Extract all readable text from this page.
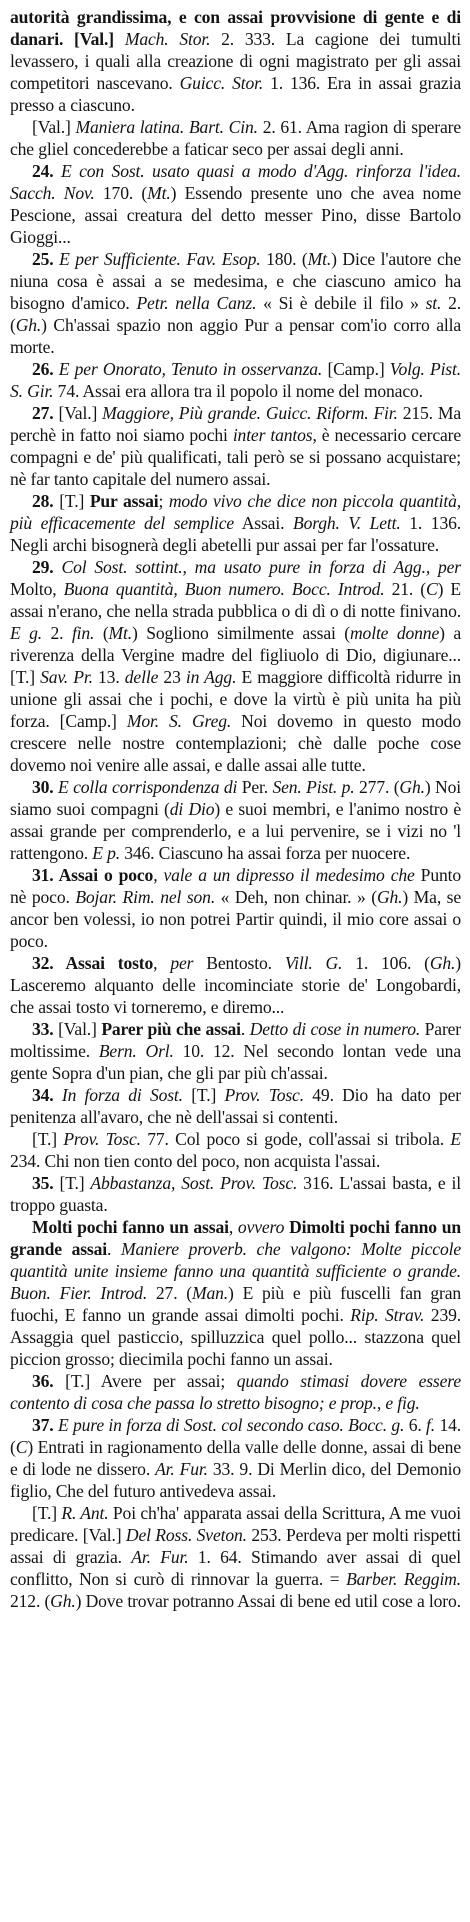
autorità grandissima, e con assai provvisione di gente e di danari. [Val.] Mach. Stor. 2. 333. La cagione dei tumulti levassero, i quali alla creazione di ogni magistrato per gli assai competitori nascevano. Guicc. Stor. 1. 136. Era in assai grazia presso a ciascuno.

[Val.] Maniera latina. Bart. Cin. 2. 61. Ama ragion di sperare che gliel concederebbe a faticar seco per assai degli anni.

24. E con Sost. usato quasi a modo d'Agg. rinforza l'idea. Sacch. Nov. 170. (Mt.) Essendo presente uno che avea nome Pescione, assai creatura del detto messer Pino, disse Bartolo Gioggi...

25. E per Sufficiente. Fav. Esop. 180. (Mt.) Dice l'autore che niuna cosa è assai a se medesima, e che ciascuno amico ha bisogno d'amico. Petr. nella Canz. « Si è debile il filo » st. 2. (Gh.) Ch'assai spazio non aggio Pur a pensar com'io corro alla morte.

26. E per Onorato, Tenuto in osservanza. [Camp.] Volg. Pist. S. Gir. 74. Assai era allora tra il popolo il nome del monaco.

27. [Val.] Maggiore, Più grande. Guicc. Riform. Fir. 215. Ma perchè in fatto noi siamo pochi inter tantos, è necessario cercare compagni e de' più qualificati, tali però se si possano acquistare; nè far tanto capitale del numero assai.

28. [T.] Pur assai; modo vivo che dice non piccola quantità, più efficacemente del semplice Assai. Borgh. V. Lett. 1. 136. Negli archi bisognerà degli abetelli pur assai per far l'ossature.

29. Col Sost. sottint., ma usato pure in forza di Agg., per Molto, Buona quantità, Buon numero. Bocc. Introd. 21. (C) E assai n'erano, che nella strada pubblica o di dì o di notte finivano. E g. 2. fin. (Mt.) Sogliono similmente assai (molte donne) a riverenza della Vergine madre del figliuolo di Dio, digiunare... [T.] Sav. Pr. 13. delle 23 in Agg. E maggiore difficoltà ridurre in unione gli assai che i pochi, e dove la virtù è più unita ha più forza. [Camp.] Mor. S. Greg. Noi dovemo in questo modo crescere nelle nostre contemplazioni; chè dalle poche cose dovemo noi venire alle assai, e dalle assai alle tutte.

30. E colla corrispondenza di Per. Sen. Pist. p. 277. (Gh.) Noi siamo suoi compagni (di Dio) e suoi membri, e l'animo nostro è assai grande per comprenderlo, e a lui pervenire, se i vizi no 'l rattengono. E p. 346. Ciascuno ha assai forza per nuocere.

31. Assai o poco, vale a un dipresso il medesimo che Punto nè poco. Bojar. Rim. nel son. « Deh, non chinar. » (Gh.) Ma, se ancor ben volessi, io non potrei Partir quindi, il mio core assai o poco.

32. Assai tosto, per Bentosto. Vill. G. 1. 106. (Gh.) Lasceremo alquanto delle incominciate storie de' Longobardi, che assai tosto vi torneremo, e diremo...

33. [Val.] Parer più che assai. Detto di cose in numero. Parer moltissime. Bern. Orl. 10. 12. Nel secondo lontan vede una gente Sopra d'un pian, che gli par più ch'assai.

34. In forza di Sost. [T.] Prov. Tosc. 49. Dio ha dato per penitenza all'avaro, che nè dell'assai si contenti.

[T.] Prov. Tosc. 77. Col poco si gode, coll'assai si tribola. E 234. Chi non tien conto del poco, non acquista l'assai.

35. [T.] Abbastanza, Sost. Prov. Tosc. 316. L'assai basta, e il troppo guasta.

Molti pochi fanno un assai, ovvero Dimolti pochi fanno un grande assai. Maniere proverb. che valgono: Molte piccole quantità unite insieme fanno una quantità sufficiente o grande. Buon. Fier. Introd. 27. (Man.) E più e più fuscelli fan gran fuochi, E fanno un grande assai dimolti pochi. Rip. Strav. 239. Assaggia quel pasticcio, spilluzzica quel pollo... stazzona quel piccion grosso; diecimila pochi fanno un assai.

36. [T.] Avere per assai; quando stimasi dovere essere contento di cosa che passa lo stretto bisogno; e prop., e fig.

37. E pure in forza di Sost. col secondo caso. Bocc. g. 6. f. 14. (C) Entrati in ragionamento della valle delle donne, assai di bene e di lode ne dissero. Ar. Fur. 33. 9. Di Merlin dico, del Demonio figlio, Che del futuro antivedeva assai.

[T.] R. Ant. Poi ch'ha' apparata assai della Scrittura, A me vuoi predicare. [Val.] Del Ross. Sveton. 253. Perdeva per molti rispetti assai di grazia. Ar. Fur. 1. 64. Stimando aver assai di quel conflitto, Non si curò di rinnovar la guerra. = Barber. Reggim. 212. (Gh.) Dove trovar potranno Assai di bene ed util cose a loro.
